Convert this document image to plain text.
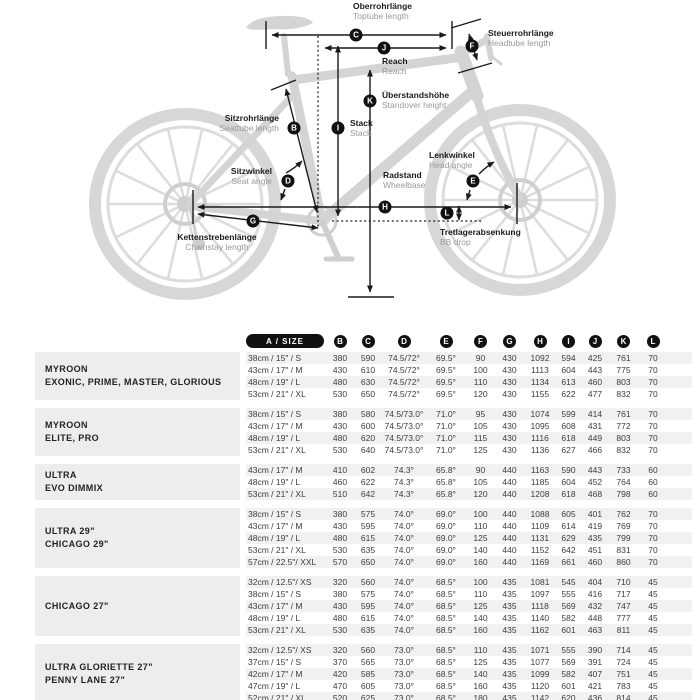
Oberrohrlänge
Toptube length
Steuerrohrlänge
Headtube length
Reach
Reach
Überstandshöhe
Standover height
Stack
Stack
Sitzrohrlänge
Seattube length
Sitzwinkel
Seat angle
Kettenstrebenlänge
Chainstay length
Radstand
Wheelbase
Lenkwinkel
Head angle
Tretlagerabsenkung
BB drop
C
J	F
K
I
B
D	E
G
H
L
A / SIZE	B	C	D	E	F	G	H	I	J	K	L
MYROON
EXONIC, PRIME, MASTER, GLORIOUS
38cm / 15" / S	380	590	74.5/72°	69.5°	90	430	1092	594	425	761	70
43cm / 17" / M	430	610	74.5/72°	69.5°	100	430	1113	604	443	775	70
48cm / 19" / L	480	630	74.5/72°	69.5°	110	430	1134	613	460	803	70
53cm / 21" / XL	530	650	74.5/72°	69.5°	120	430	1155	622	477	832	70
MYROON
ELITE, PRO
38cm / 15" / S	380	580	74.5/73.0°	71.0°	95	430	1074	599	414	761	70
43cm / 17" / M	430	600	74.5/73.0°	71.0°	105	430	1095	608	431	772	70
48cm / 19" / L	480	620	74.5/73.0°	71.0°	115	430	1116	618	449	803	70
53cm / 21" / XL	530	640	74.5/73.0°	71.0°	125	430	1136	627	466	832	70
ULTRA
EVO DIMMIX
43cm / 17" / M	410	602	74.3°	65.8°	90	440	1163	590	443	733	60
48cm / 19" / L	460	622	74.3°	65.8°	105	440	1185	604	452	764	60
53cm / 21" / XL	510	642	74.3°	65.8°	120	440	1208	618	468	798	60
ULTRA 29"
CHICAGO 29"
38cm / 15" / S	380	575	74.0°	69.0°	100	440	1088	605	401	762	70
43cm / 17" / M	430	595	74.0°	69.0°	110	440	1109	614	419	769	70
48cm / 19" / L	480	615	74.0°	69.0°	125	440	1131	629	435	799	70
53cm / 21" / XL	530	635	74.0°	69.0°	140	440	1152	642	451	831	70
57cm / 22.5"/ XXL	570	650	74.0°	69.0°	160	440	1169	661	460	860	70
CHICAGO 27"
32cm / 12.5"/ XS	320	560	74.0°	68.5°	100	435	1081	545	404	710	45
38cm / 15" / S	380	575	74.0°	68.5°	110	435	1097	555	416	717	45
43cm / 17" / M	430	595	74.0°	68.5°	125	435	1118	569	432	747	45
48cm / 19" / L	480	615	74.0°	68.5°	140	435	1140	582	448	777	45
53cm / 21" / XL	530	635	74.0°	68.5°	160	435	1162	601	463	811	45
ULTRA GLORIETTE 27"
PENNY LANE 27"
32cm / 12.5"/ XS	320	560	73.0°	68.5°	110	435	1071	555	390	714	45
37cm / 15" / S	370	565	73.0°	68.5°	125	435	1077	569	391	724	45
42cm / 17" / M	420	585	73.0°	68.5°	140	435	1099	582	407	751	45
47cm / 19" / L	470	605	73.0°	68.5°	160	435	1120	601	421	783	45
52cm / 21" / XL	520	625	73.0°	68.5°	180	435	1142	620	436	814	45
